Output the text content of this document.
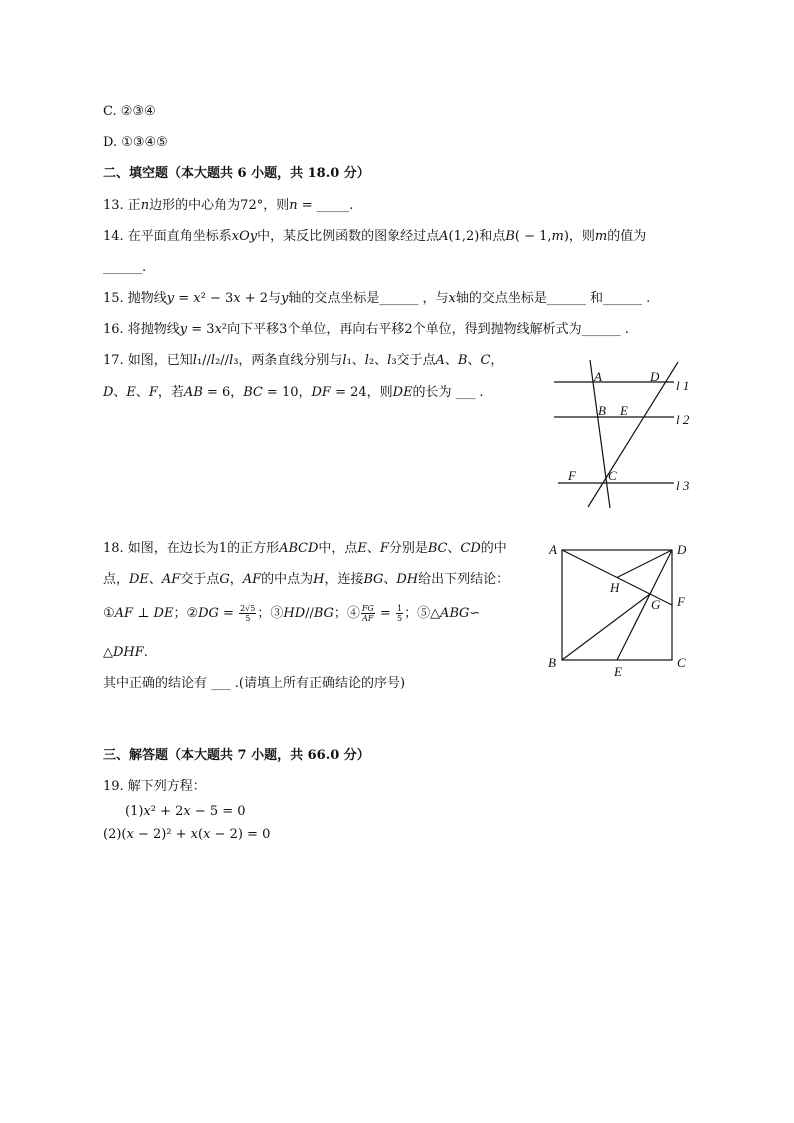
C. ②③④
D. ①③④⑤
二、填空题（本大题共 6 小题，共 18.0 分）
13. 正𝑛边形的中心角为72°，则𝑛 = _____.
14. 在平面直角坐标系𝑥𝑂𝑦中，某反比例函数的图象经过点𝐴(1,2)和点𝐵( − 1,𝑚)，则𝑚的值为
______.
15. 抛物线𝑦 = 𝑥² − 3𝑥 + 2与𝑦轴的交点坐标是______ ，与𝑥轴的交点坐标是______ 和______ .
16. 将抛物线𝑦 = 3𝑥²向下平移3个单位，再向右平移2个单位，得到抛物线解析式为______ .
17. 如图，已知𝑙₁//𝑙₂//𝑙₃，两条直线分别与𝑙₁、𝑙₂、𝑙₃交于点𝐴、𝐵、𝐶，
𝐷、𝐸、𝐹，若𝐴𝐵 = 6，𝐵𝐶 = 10，𝐷𝐹 = 24，则𝐷𝐸的长为 ___ .
A	D
B E
F C
l 1
l 2
l 3
18. 如图，在边长为1的正方形𝐴𝐵𝐶𝐷中，点𝐸、𝐹分别是𝐵𝐶、𝐶𝐷的中
点，𝐷𝐸、𝐴𝐹交于点𝐺，𝐴𝐹的中点为𝐻，连接𝐵𝐺、𝐷𝐻给出下列结论：
①𝐴𝐹 ⊥ 𝐷𝐸；②𝐷𝐺 = $\frac{2√5}{5}$ ；③𝐻𝐷//𝐵𝐺；④ $\frac{\text{𝐹𝐺}}{\text{𝐴𝐹}} = \frac{1}{5}$ ；⑤△𝐴𝐵𝐺∽
△𝐷𝐻𝐹.
其中正确的结论有 ___ .(请填上所有正确结论的序号)
A	D
H
G F
B
E
C
三、解答题（本大题共 7 小题，共 66.0 分）
19. 解下列方程：
(1)𝑥² + 2𝑥 − 5 = 0
(2)(𝑥 − 2)² + 𝑥(𝑥 − 2) = 0
